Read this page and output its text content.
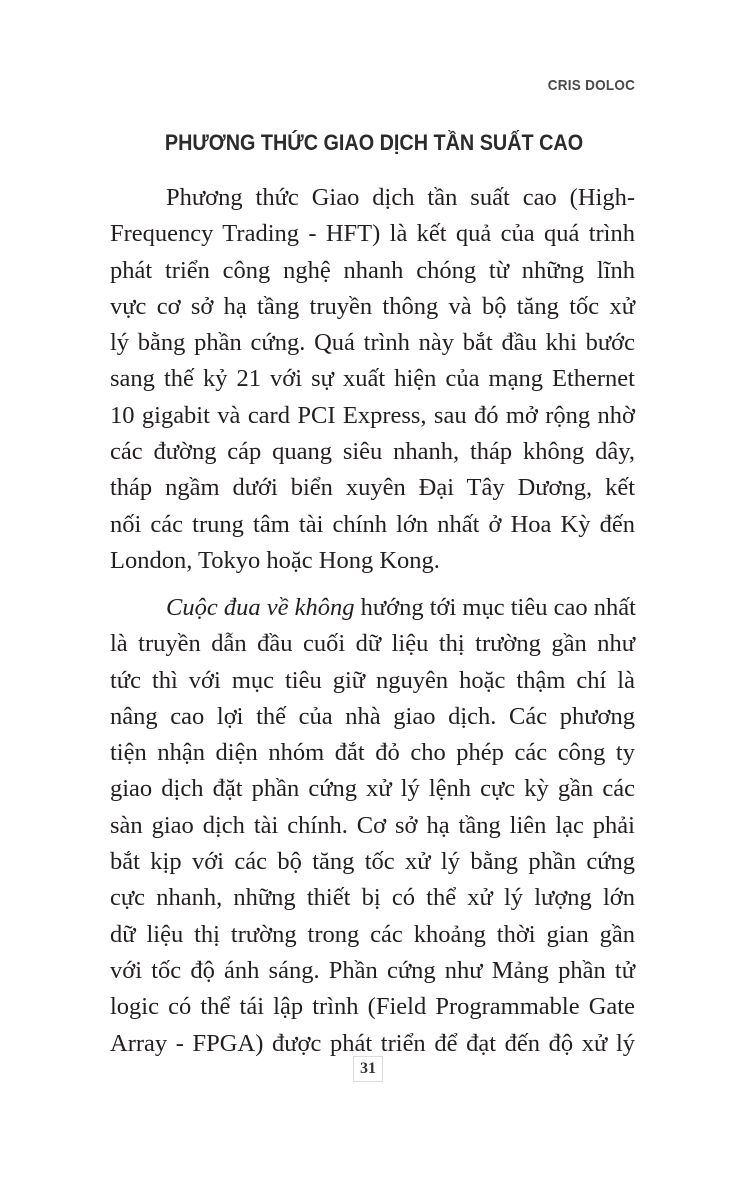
CRIS DOLOC
PHƯƠNG THỨC GIAO DỊCH TẦN SUẤT CAO
Phương thức Giao dịch tần suất cao (High-
Frequency Trading - HFT) là kết quả của quá trình
phát triển công nghệ nhanh chóng từ những lĩnh
vực cơ sở hạ tầng truyền thông và bộ tăng tốc xử
lý bằng phần cứng. Quá trình này bắt đầu khi bước
sang thế kỷ 21 với sự xuất hiện của mạng Ethernet
10 gigabit và card PCI Express, sau đó mở rộng nhờ
các đường cáp quang siêu nhanh, tháp không dây,
tháp ngầm dưới biển xuyên Đại Tây Dương, kết
nối các trung tâm tài chính lớn nhất ở Hoa Kỳ đến
London, Tokyo hoặc Hong Kong.
Cuộc đua về không hướng tới mục tiêu cao nhất
là truyền dẫn đầu cuối dữ liệu thị trường gần như
tức thì với mục tiêu giữ nguyên hoặc thậm chí là
nâng cao lợi thế của nhà giao dịch. Các phương
tiện nhận diện nhóm đắt đỏ cho phép các công ty
giao dịch đặt phần cứng xử lý lệnh cực kỳ gần các
sàn giao dịch tài chính. Cơ sở hạ tầng liên lạc phải
bắt kịp với các bộ tăng tốc xử lý bằng phần cứng
cực nhanh, những thiết bị có thể xử lý lượng lớn
dữ liệu thị trường trong các khoảng thời gian gần
với tốc độ ánh sáng. Phần cứng như Mảng phần tử
logic có thể tái lập trình (Field Programmable Gate
Array - FPGA) được phát triển để đạt đến độ xử lý
31
